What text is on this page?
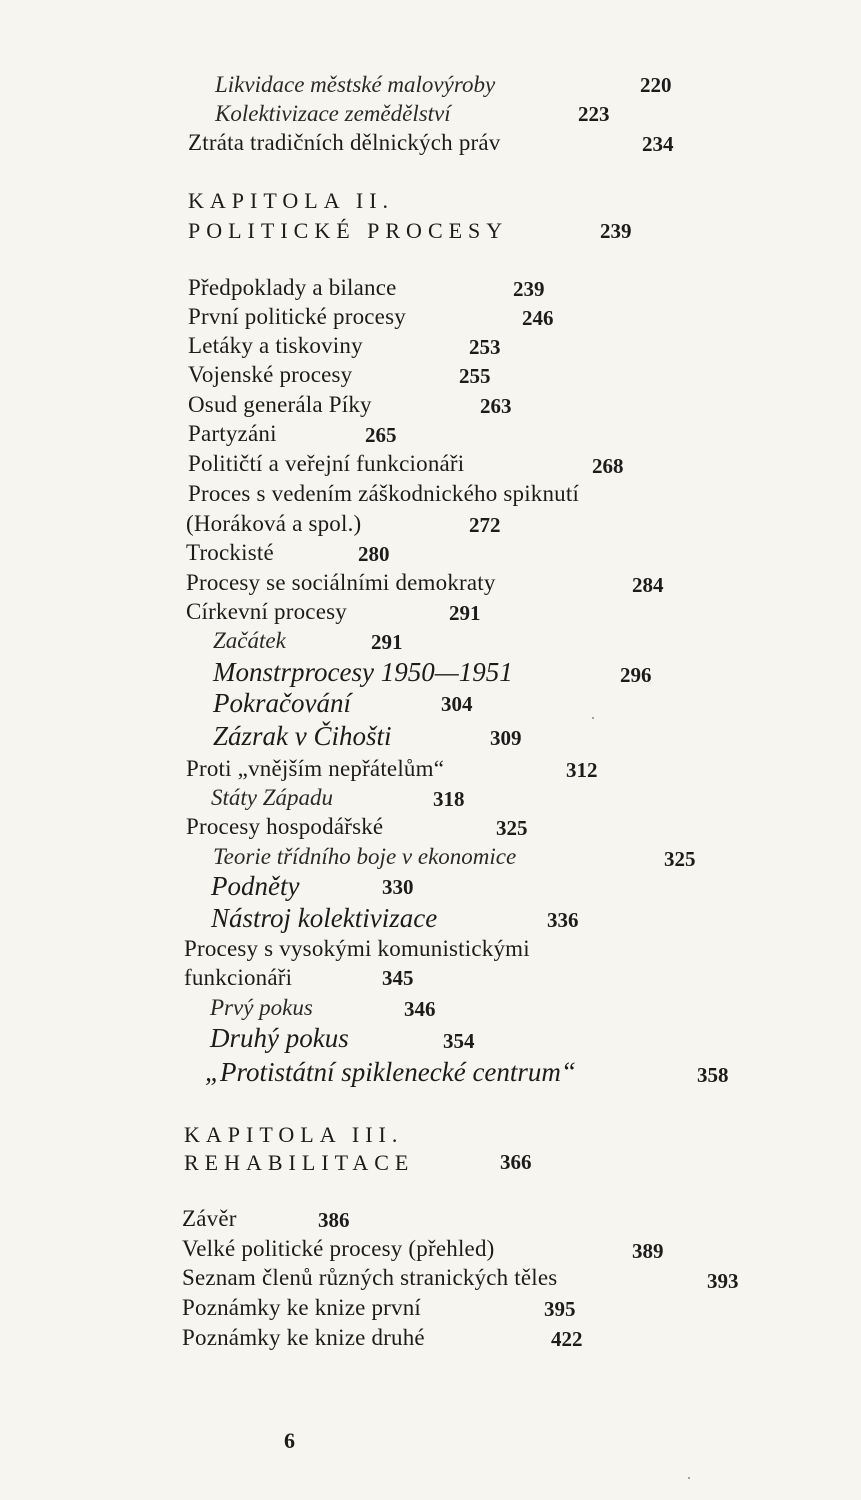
Likvidace městské malovýroby	220
Kolektivizace zemědělství	223
Ztráta tradičních dělnických práv	234
KAPITOLA II.
POLITICKÉ PROCESY	239
Předpoklady a bilance	239
První politické procesy	246
Letáky a tiskoviny	253
Vojenské procesy	255
Osud generála Píky	263
Partyzáni	265
Političtí a veřejní funkcionáři	268
Proces s vedením záškodnického spiknutí
(Horáková a spol.)	272
Trockisté	280
Procesy se sociálními demokraty	284
Církevní procesy	291
Začátek	291
Monstrprocesy 1950—1951	296
Pokračování	304
Zázrak v Čihošti	309
Proti „vnějším nepřátelům“	312
Státy Západu	318
Procesy hospodářské	325
Teorie třídního boje v ekonomice	325
Podněty	330
Nástroj kolektivizace	336
Procesy s vysokými komunistickými
funkcionáři	345
Prvý pokus	346
Druhý pokus	354
„Protistátní spiklenecké centrum“	358
KAPITOLA III.
REHABILITACE	366
Závěr	386
Velké politické procesy (přehled)	389
Seznam členů různých stranických těles	393
Poznámky ke knize první	395
Poznámky ke knize druhé	422
6
